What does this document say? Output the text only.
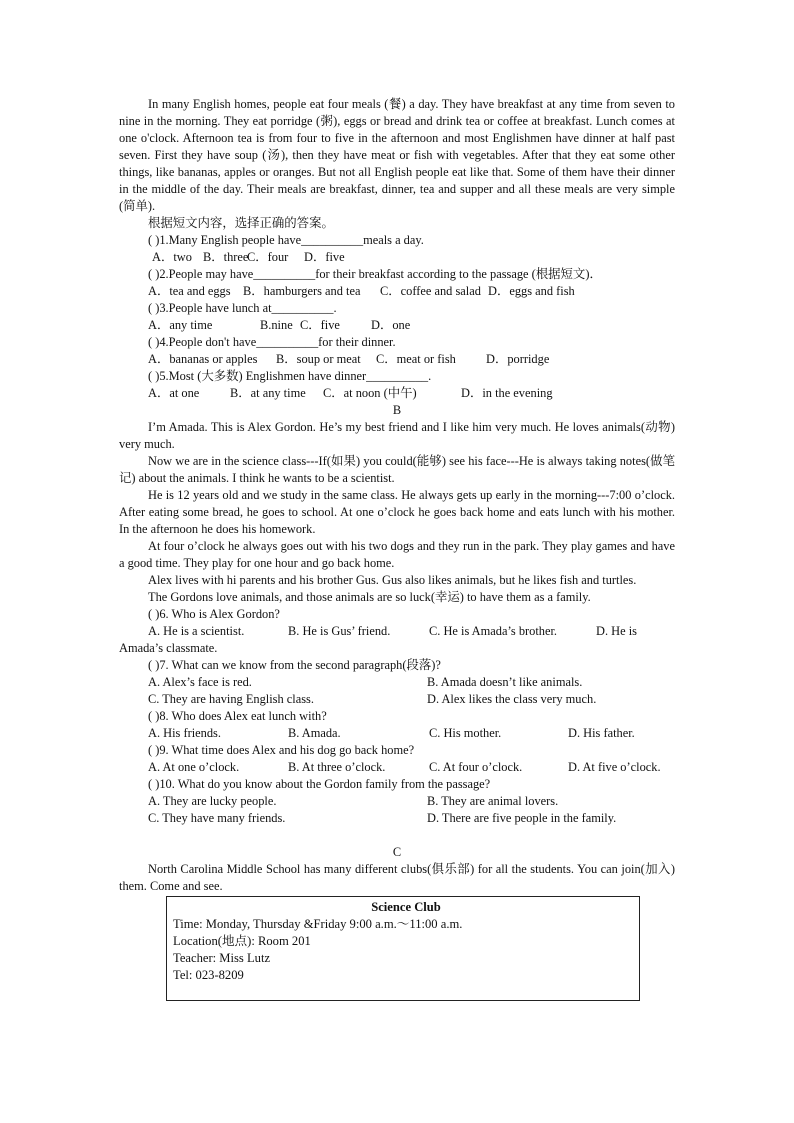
In many English homes, people eat four meals (餐) a day. They have breakfast at any time from seven to nine in the morning. They eat porridge (粥), eggs or bread and drink tea or coffee at breakfast. Lunch comes at one o'clock. Afternoon tea is from four to five in the afternoon and most Englishmen have dinner at half past seven. First they have soup (汤), then they have meat or fish with vegetables. After that they eat some other things, like bananas, apples or oranges. But not all English people eat like that. Some of them have their dinner in the middle of the day. Their meals are breakfast, dinner, tea and supper and all these meals are very simple (简单).

根据短文内容，选择正确的答案。

( )1.Many English people have__________meals a day.

A．two B．three
C．four	D．five

( )2.People may have__________for their breakfast according to the passage (根据短文)．

A．tea and eggs	B．hamburgers and tea	C．coffee and salad D．eggs and fish

( )3.People have lunch at__________.

A．any time	B.nine C．five	D．one

( )4.People don't have__________for their dinner.

A．bananas or apples	B．soup or meat	C．meat or fish	D．porridge

( )5.Most (大多数) Englishmen have dinner__________.

A．at one	B．at any time	C．at noon (中午)	D．in the evening

B

I’m Amada. This is Alex Gordon. He’s my best friend and I like him very much. He loves animals(动物) very much.

Now we are in the science class---If(如果) you could(能够) see his face---He is always taking notes(做笔记) about the animals. I think he wants to be a scientist.

He is 12 years old and we study in the same class. He always gets up early in the morning---7:00 o’clock. After eating some bread, he goes to school. At one o’clock he goes back home and eats lunch with his mother. In the afternoon he does his homework.

At four o’clock he always goes out with his two dogs and they run in the park. They play games and have a good time. They play for one hour and go back home.

Alex lives with hi parents and his brother Gus. Gus also likes animals, but he likes fish and turtles.

The Gordons love animals, and those animals are so luck(幸运) to have them as a family.

( )6. Who is Alex Gordon?

A. He is a scientist.	B. He is Gus’ friend.	C. He is Amada’s brother.	D. He is

Amada’s classmate.

( )7. What can we know from the second paragraph(段落)?

A. Alex’s face is red.	B. Amada doesn’t like animals.
C. They are having English class.	D. Alex likes the class very much.

( )8. Who does Alex eat lunch with?

A. His friends.	B. Amada.	C. His mother.	D. His father.

( )9. What time does Alex and his dog go back home?

A. At one o’clock.	B. At three o’clock.	C. At four o’clock.	D. At five o’clock.

( )10. What do you know about the Gordon family from the passage?

A. They are lucky people.	B. They are animal lovers.
C. They have many friends.	D. There are five people in the family.

C

North Carolina Middle School has many different clubs(俱乐部) for all the students. You can join(加入) them. Come and see.

Science Club

Time: Monday, Thursday &Friday 9:00 a.m.～11:00 a.m.

Location(地点): Room 201

Teacher: Miss Lutz

Tel: 023-8209
